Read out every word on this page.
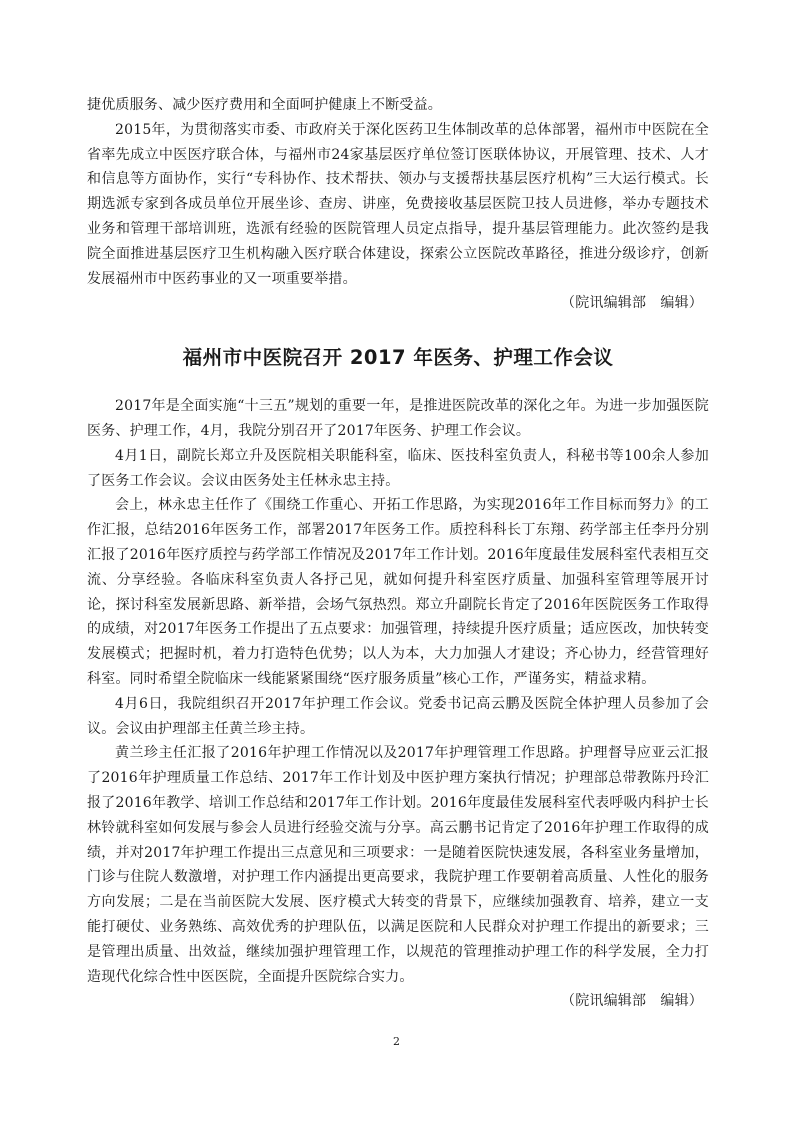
捷优质服务、减少医疗费用和全面呵护健康上不断受益。

2015年，为贯彻落实市委、市政府关于深化医药卫生体制改革的总体部署，福州市中医院在全省率先成立中医医疗联合体，与福州市24家基层医疗单位签订医联体协议，开展管理、技术、人才和信息等方面协作，实行“专科协作、技术帮扶、领办与支援帮扶基层医疗机构”三大运行模式。长期选派专家到各成员单位开展坐诊、查房、讲座，免费接收基层医院卫技人员进修，举办专题技术业务和管理干部培训班，选派有经验的医院管理人员定点指导，提升基层管理能力。此次签约是我院全面推进基层医疗卫生机构融入医疗联合体建设，探索公立医院改革路径，推进分级诊疗，创新发展福州市中医药事业的又一项重要举措。

（院讯编辑部　编辑）

福州市中医院召开 2017 年医务、护理工作会议

2017年是全面实施“十三五”规划的重要一年，是推进医院改革的深化之年。为进一步加强医院医务、护理工作，4月，我院分别召开了2017年医务、护理工作会议。

4月1日，副院长郑立升及医院相关职能科室，临床、医技科室负责人，科秘书等100余人参加了医务工作会议。会议由医务处主任林永忠主持。

会上，林永忠主任作了《围绕工作重心、开拓工作思路，为实现2016年工作目标而努力》的工作汇报，总结2016年医务工作，部署2017年医务工作。质控科科长丁东翔、药学部主任李丹分别汇报了2016年医疗质控与药学部工作情况及2017年工作计划。2016年度最佳发展科室代表相互交流、分享经验。各临床科室负责人各抒己见，就如何提升科室医疗质量、加强科室管理等展开讨论，探讨科室发展新思路、新举措，会场气氛热烈。郑立升副院长肯定了2016年医院医务工作取得的成绩，对2017年医务工作提出了五点要求：加强管理，持续提升医疗质量；适应医改，加快转变发展模式；把握时机，着力打造特色优势；以人为本，大力加强人才建设；齐心协力，经营管理好科室。同时希望全院临床一线能紧紧围绕“医疗服务质量”核心工作，严谨务实，精益求精。

4月6日，我院组织召开2017年护理工作会议。党委书记高云鹏及医院全体护理人员参加了会议。会议由护理部主任黄兰珍主持。

黄兰珍主任汇报了2016年护理工作情况以及2017年护理管理工作思路。护理督导应亚云汇报了2016年护理质量工作总结、2017年工作计划及中医护理方案执行情况；护理部总带教陈丹玲汇报了2016年教学、培训工作总结和2017年工作计划。2016年度最佳发展科室代表呼吸内科护士长林铃就科室如何发展与参会人员进行经验交流与分享。高云鹏书记肯定了2016年护理工作取得的成绩，并对2017年护理工作提出三点意见和三项要求：一是随着医院快速发展，各科室业务量增加，门诊与住院人数激增，对护理工作内涵提出更高要求，我院护理工作要朝着高质量、人性化的服务方向发展；二是在当前医院大发展、医疗模式大转变的背景下，应继续加强教育、培养，建立一支能打硬仗、业务熟练、高效优秀的护理队伍，以满足医院和人民群众对护理工作提出的新要求；三是管理出质量、出效益，继续加强护理管理工作，以规范的管理推动护理工作的科学发展，全力打造现代化综合性中医医院，全面提升医院综合实力。

（院讯编辑部　编辑）

2
